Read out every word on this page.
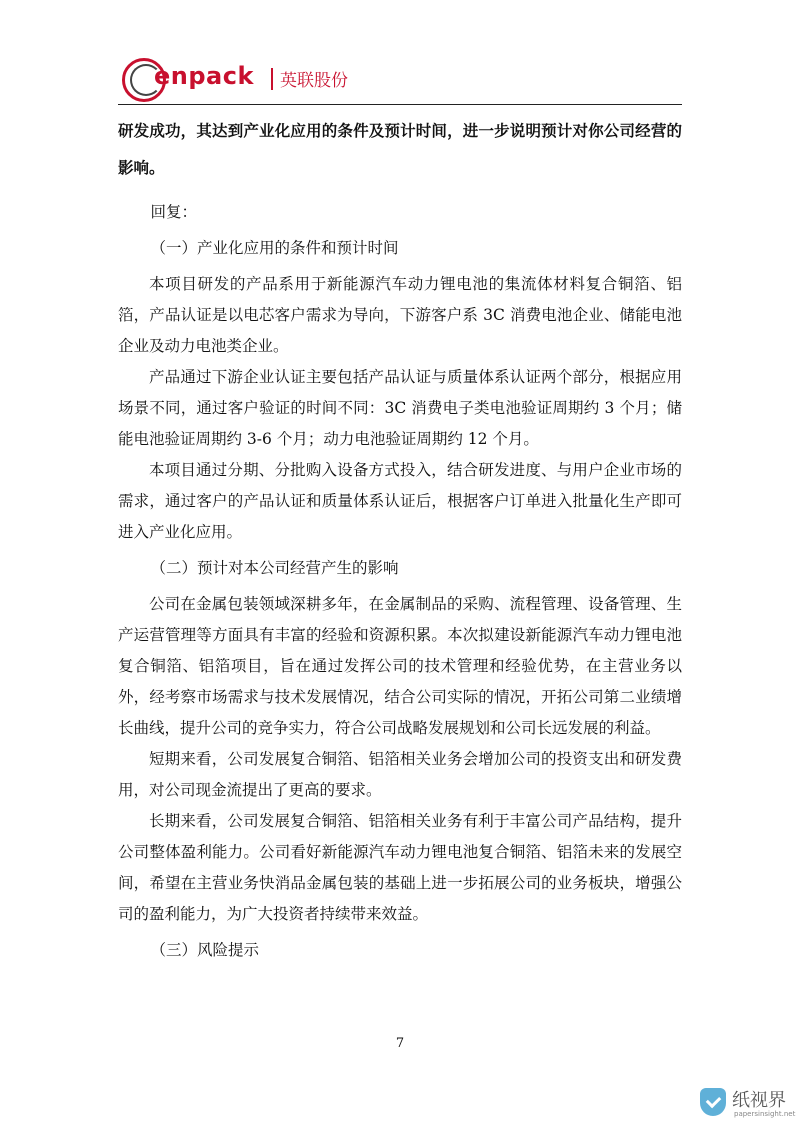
enpack 英联股份

研发成功，其达到产业化应用的条件及预计时间，进一步说明预计对你公司经营的影响。

回复：

（一）产业化应用的条件和预计时间

本项目研发的产品系用于新能源汽车动力锂电池的集流体材料复合铜箔、铝箔，产品认证是以电芯客户需求为导向，下游客户系 3C 消费电池企业、储能电池企业及动力电池类企业。

产品通过下游企业认证主要包括产品认证与质量体系认证两个部分，根据应用场景不同，通过客户验证的时间不同：3C 消费电子类电池验证周期约 3 个月；储能电池验证周期约 3-6 个月；动力电池验证周期约 12 个月。

本项目通过分期、分批购入设备方式投入，结合研发进度、与用户企业市场的需求，通过客户的产品认证和质量体系认证后，根据客户订单进入批量化生产即可进入产业化应用。

（二）预计对本公司经营产生的影响

公司在金属包装领域深耕多年，在金属制品的采购、流程管理、设备管理、生产运营管理等方面具有丰富的经验和资源积累。本次拟建设新能源汽车动力锂电池复合铜箔、铝箔项目，旨在通过发挥公司的技术管理和经验优势，在主营业务以外，经考察市场需求与技术发展情况，结合公司实际的情况，开拓公司第二业绩增长曲线，提升公司的竞争实力，符合公司战略发展规划和公司长远发展的利益。

短期来看，公司发展复合铜箔、铝箔相关业务会增加公司的投资支出和研发费用，对公司现金流提出了更高的要求。

长期来看，公司发展复合铜箔、铝箔相关业务有利于丰富公司产品结构，提升公司整体盈利能力。公司看好新能源汽车动力锂电池复合铜箔、铝箔未来的发展空间，希望在主营业务快消品金属包装的基础上进一步拓展公司的业务板块，增强公司的盈利能力，为广大投资者持续带来效益。

（三）风险提示

7
纸视界
papersinsight.net
